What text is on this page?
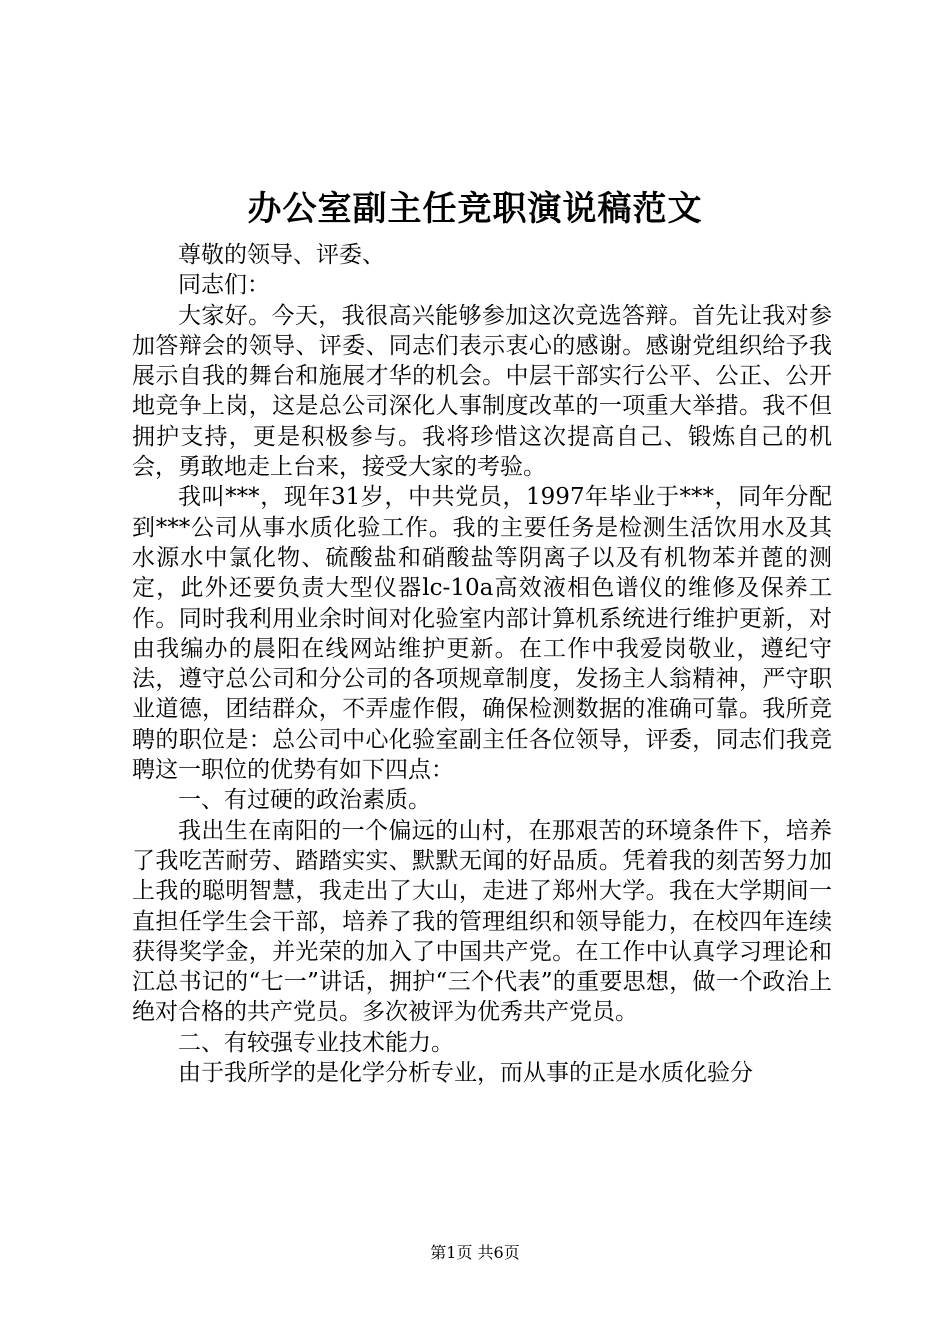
办公室副主任竞职演说稿范文

尊敬的领导、评委、

同志们：

大家好。今天，我很高兴能够参加这次竞选答辩。首先让我对参加答辩会的领导、评委、同志们表示衷心的感谢。感谢党组织给予我展示自我的舞台和施展才华的机会。中层干部实行公平、公正、公开地竞争上岗，这是总公司深化人事制度改革的一项重大举措。我不但拥护支持，更是积极参与。我将珍惜这次提高自己、锻炼自己的机会，勇敢地走上台来，接受大家的考验。

我叫***，现年31岁，中共党员，1997年毕业于***，同年分配到***公司从事水质化验工作。我的主要任务是检测生活饮用水及其水源水中氯化物、硫酸盐和硝酸盐等阴离子以及有机物苯并蓖的测定，此外还要负责大型仪器lc-10a高效液相色谱仪的维修及保养工作。同时我利用业余时间对化验室内部计算机系统进行维护更新，对由我编办的晨阳在线网站维护更新。在工作中我爱岗敬业，遵纪守法，遵守总公司和分公司的各项规章制度，发扬主人翁精神，严守职业道德，团结群众，不弄虚作假，确保检测数据的准确可靠。我所竞聘的职位是：总公司中心化验室副主任各位领导，评委，同志们我竞聘这一职位的优势有如下四点：

一、有过硬的政治素质。

我出生在南阳的一个偏远的山村，在那艰苦的环境条件下，培养了我吃苦耐劳、踏踏实实、默默无闻的好品质。凭着我的刻苦努力加上我的聪明智慧，我走出了大山，走进了郑州大学。我在大学期间一直担任学生会干部，培养了我的管理组织和领导能力，在校四年连续获得奖学金，并光荣的加入了中国共产党。在工作中认真学习理论和江总书记的“七一”讲话，拥护“三个代表”的重要思想，做一个政治上绝对合格的共产党员。多次被评为优秀共产党员。

二、有较强专业技术能力。

由于我所学的是化学分析专业，而从事的正是水质化验分

第1页 共6页
